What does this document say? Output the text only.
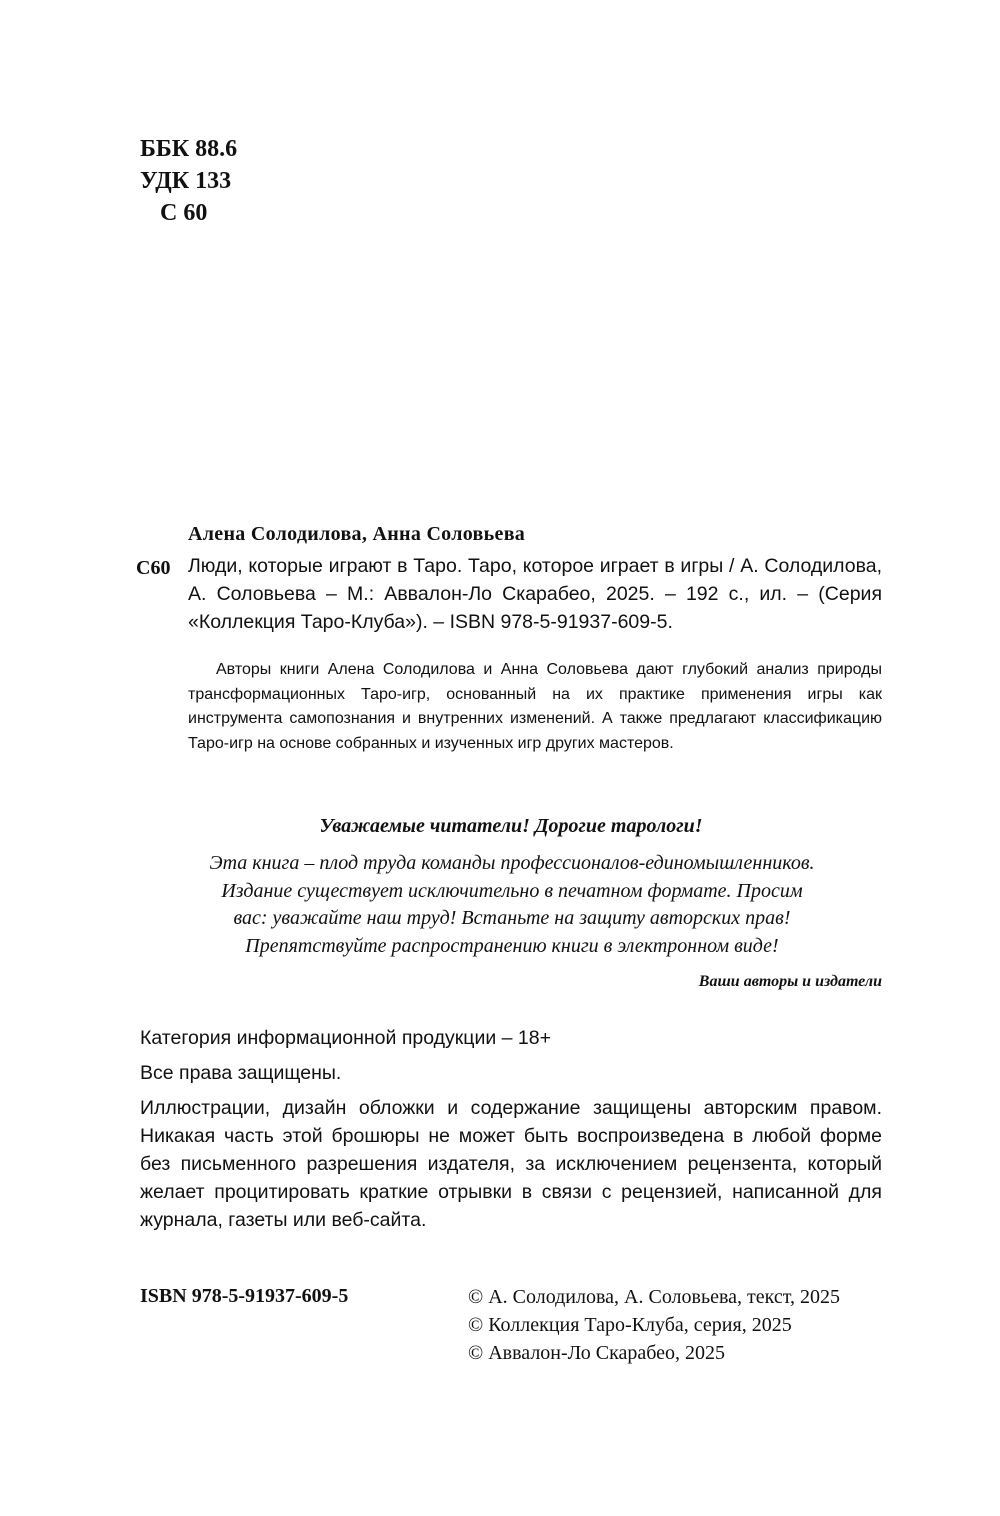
ББК 88.6
УДК 133
С 60
Алена Солодилова, Анна Соловьева
С60 Люди, которые играют в Таро. Таро, которое играет в игры / А. Солодилова, А. Соловьева – М.: Аввалон-Ло Скарабео, 2025. – 192 с., ил. – (Серия «Коллекция Таро-Клуба»). – ISBN 978-5-91937-609-5.
Авторы книги Алена Солодилова и Анна Соловьева дают глубокий анализ природы трансформационных Таро-игр, основанный на их практике применения игры как инструмента самопознания и внутренних изменений. А также предлагают классификацию Таро-игр на основе собранных и изученных игр других мастеров.
Уважаемые читатели! Дорогие тарологи!
Эта книга – плод труда команды профессионалов-единомышленников.
Издание существует исключительно в печатном формате. Просим
вас: уважайте наш труд! Встаньте на защиту авторских прав!
Препятствуйте распространению книги в электронном виде!
Ваши авторы и издатели
Категория информационной продукции – 18+
Все права защищены.
Иллюстрации, дизайн обложки и содержание защищены авторским правом. Никакая часть этой брошюры не может быть воспроизведена в любой форме без письменного разрешения издателя, за исключением рецензента, который желает процитировать краткие отрывки в связи с рецензией, написанной для журнала, газеты или веб-сайта.
ISBN 978-5-91937-609-5	© А. Солодилова, А. Соловьева, текст, 2025
© Коллекция Таро-Клуба, серия, 2025
© Аввалон-Ло Скарабео, 2025
